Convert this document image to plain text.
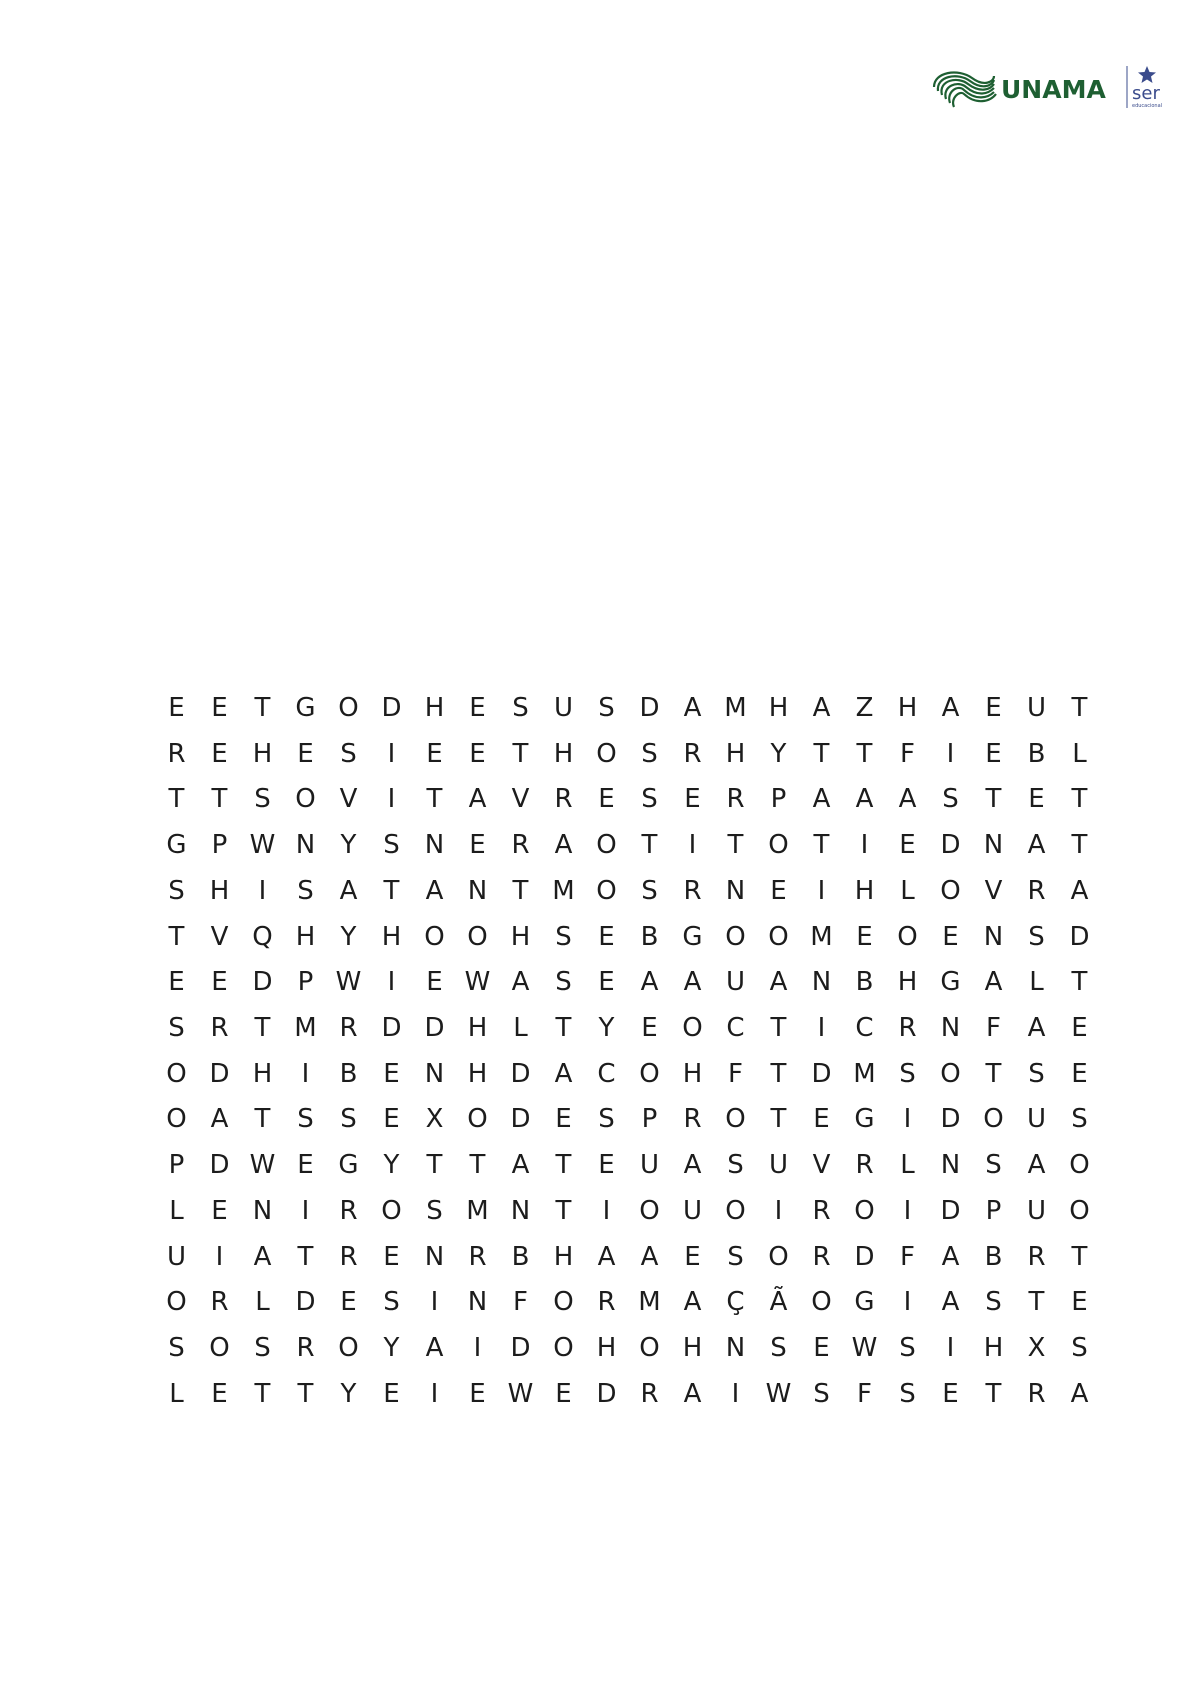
UNAMA ser
educacional
E	E	T G O D H E	S U S D A M H A Z H A E U T
R E H E	S	I	E	E	T H O S R H Y	T	T	F	I	E B	L
T	T	S O V	I	T	A V R E	S	E R	P	A A A S	T	E	T
G P W N Y	S N E R A O T	I	T O T	I	E D N A	T
S H	I	S A	T	A N T M O S R N E	I	H L O V R A
T	V Q H Y H O O H S	E B G O O M E O E N S D
E	E D P W	I	E W A S	E A A U A N B H G A	L	T
S R	T M R D D H L	T	Y	E O C T	I	C R N F	A E
O D H	I	B E N H D A C O H F	T D M S O T	S	E
O A	T	S	S	E X O D E	S	P	R O T	E G	I	D O U S
P D W E G Y	T	T	A	T	E U A S U V R	L	N S A O
L	E N	I	R O S M N T	I	O U O	I	R O	I	D P U O
U	I	A	T	R E N R B H A A E	S O R D F	A B R	T
O R	L D E	S	I	N F O R M A Ç Ã O G	I	A S	T	E
S O S R O Y	A	I	D O H O H N S	E W S	I	H X S
L	E	T	T	Y	E	I	E W E D R A	I	W S	F	S	E	T	R A
